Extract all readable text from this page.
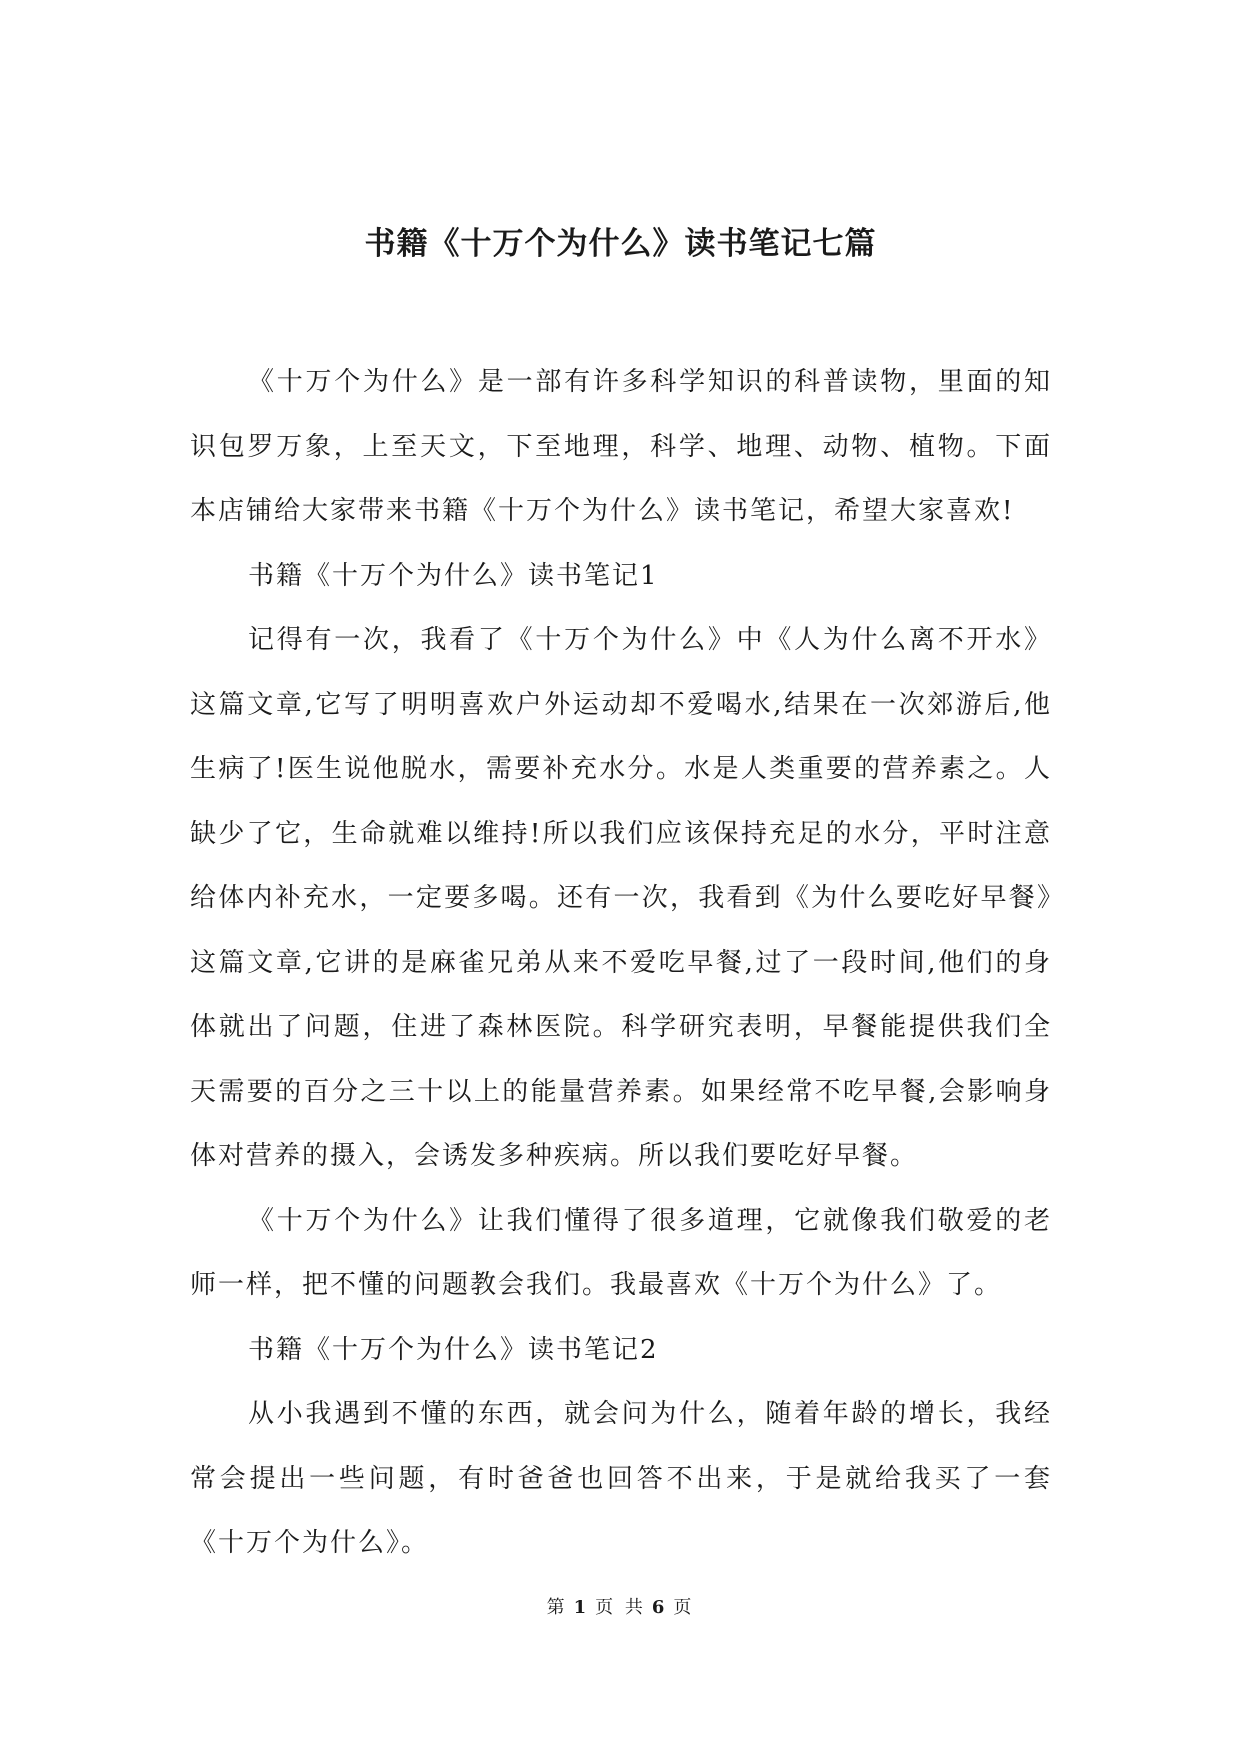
书籍《十万个为什么》读书笔记七篇

《十万个为什么》是一部有许多科学知识的科普读物，里面的知识包罗万象，上至天文，下至地理，科学、地理、动物、植物。下面本店铺给大家带来书籍《十万个为什么》读书笔记，希望大家喜欢!

书籍《十万个为什么》读书笔记1

记得有一次，我看了《十万个为什么》中《人为什么离不开水》这篇文章,它写了明明喜欢户外运动却不爱喝水,结果在一次郊游后,他生病了!医生说他脱水，需要补充水分。水是人类重要的营养素之。人缺少了它，生命就难以维持!所以我们应该保持充足的水分，平时注意给体内补充水，一定要多喝。还有一次，我看到《为什么要吃好早餐》这篇文章,它讲的是麻雀兄弟从来不爱吃早餐,过了一段时间,他们的身体就出了问题，住进了森林医院。科学研究表明，早餐能提供我们全天需要的百分之三十以上的能量营养素。如果经常不吃早餐,会影响身体对营养的摄入，会诱发多种疾病。所以我们要吃好早餐。

《十万个为什么》让我们懂得了很多道理，它就像我们敬爱的老师一样，把不懂的问题教会我们。我最喜欢《十万个为什么》了。

书籍《十万个为什么》读书笔记2

从小我遇到不懂的东西，就会问为什么，随着年龄的增长，我经常会提出一些问题，有时爸爸也回答不出来，于是就给我买了一套《十万个为什么》。

第 1 页 共 6 页
